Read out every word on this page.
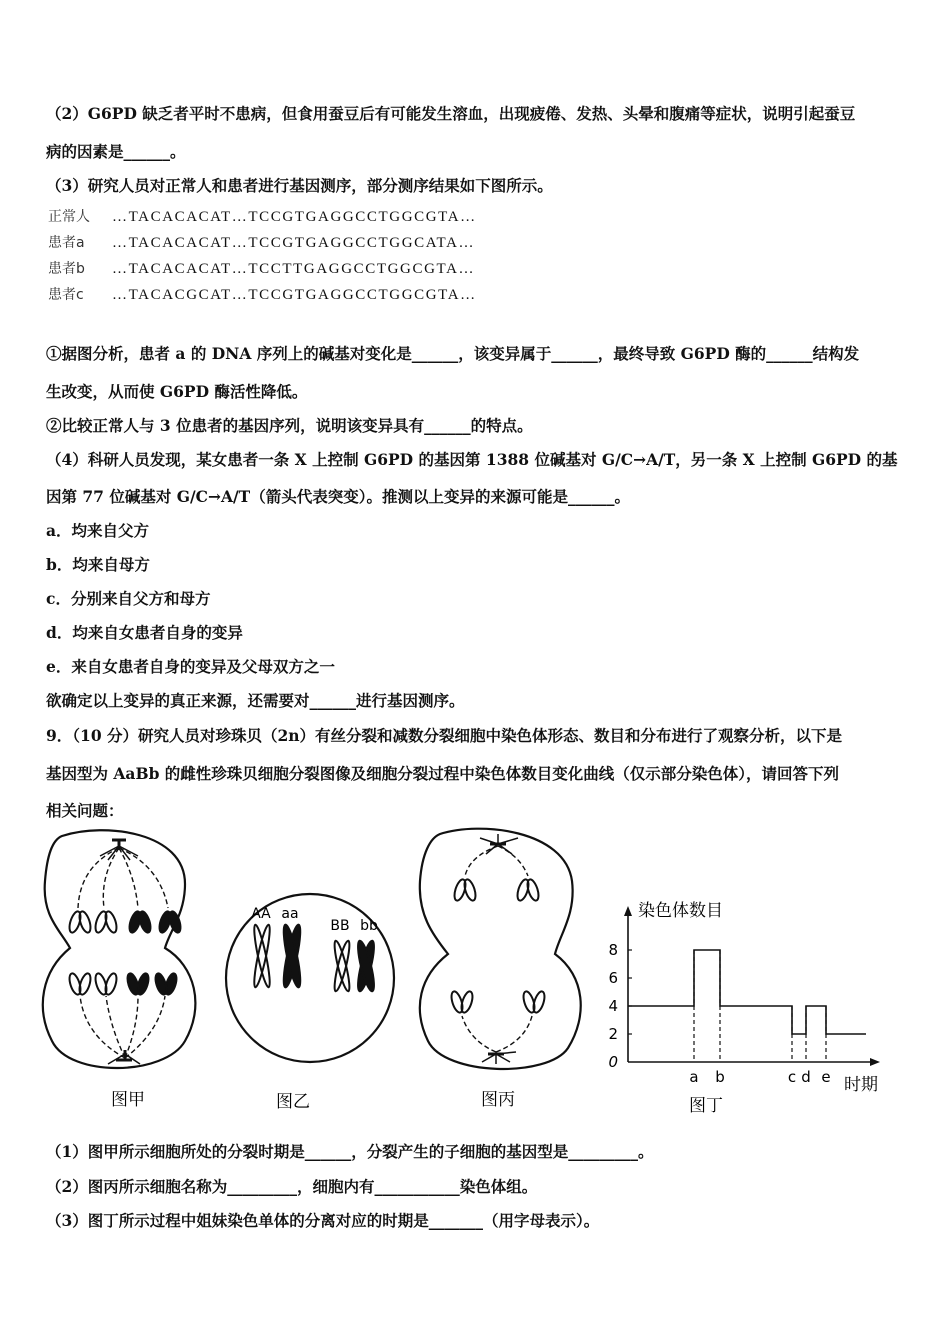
（2）G6PD 缺乏者平时不患病，但食用蚕豆后有可能发生溶血，出现疲倦、发热、头晕和腹痛等症状，说明引起蚕豆
病的因素是______。
（3）研究人员对正常人和患者进行基因测序，部分测序结果如下图所示。
正常人 …TACACACAT…TCCGTGAGGCCTGGCGTA…
患者a …TACACACAT…TCCGTGAGGCCTGGCATA…
患者b …TACACACAT…TCCTTGAGGCCTGGCGTA…
患者c …TACACGCAT…TCCGTGAGGCCTGGCGTA…
①据图分析，患者 a 的 DNA 序列上的碱基对变化是______，该变异属于______，最终导致 G6PD 酶的______结构发
生改变，从而使 G6PD 酶活性降低。
②比较正常人与 3 位患者的基因序列，说明该变异具有______的特点。
（4）科研人员发现，某女患者一条 X 上控制 G6PD 的基因第 1388 位碱基对 G/C→A/T，另一条 X 上控制 G6PD 的基
因第 77 位碱基对 G/C→A/T（箭头代表突变）。推测以上变异的来源可能是______。
a．均来自父方
b．均来自母方
c．分别来自父方和母方
d．均来自女患者自身的变异
e．来自女患者自身的变异及父母双方之一
欲确定以上变异的真正来源，还需要对______进行基因测序。
9．（10 分）研究人员对珍珠贝（2n）有丝分裂和减数分裂细胞中染色体形态、数目和分布进行了观察分析，以下是
基因型为 AaBb 的雌性珍珠贝细胞分裂图像及细胞分裂过程中染色体数目变化曲线（仅示部分染色体），请回答下列
相关问题：
图甲
AA aa
BB bb
图乙	图丙	图丁
染色体数目
时期
0
2
4
6
8
a b	c d e
（1）图甲所示细胞所处的分裂时期是______，分裂产生的子细胞的基因型是_________。
（2）图丙所示细胞名称为_________，细胞内有___________染色体组。
（3）图丁所示过程中姐妹染色单体的分离对应的时期是_______（用字母表示）。
